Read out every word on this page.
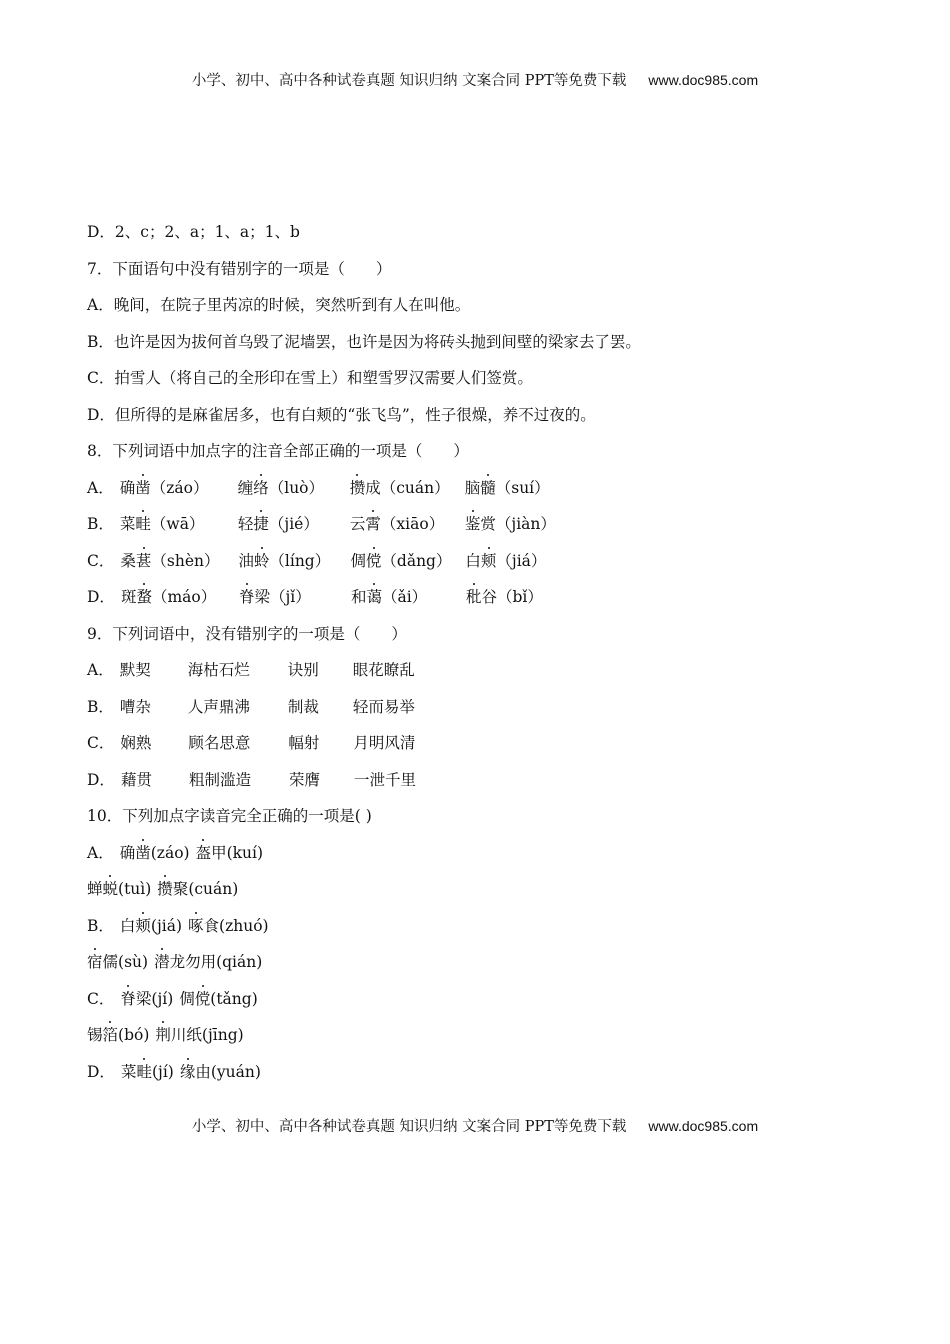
小学、初中、高中各种试卷真题 知识归纳 文案合同 PPT等免费下载 www.doc985.com
D．2、c；2、a；1、a；1、b
7．下面语句中没有错别字的一项是（　　）
A．晚间，在院子里芮凉的时候，突然听到有人在叫他。
B．也许是因为拔何首乌毁了泥墙罢，也许是因为将砖头抛到间壁的梁家去了罢。
C．拍雪人（将自己的全形印在雪上）和塑雪罗汉需要人们签赏。
D．但所得的是麻雀居多，也有白颊的“张飞鸟”，性子很燥，养不过夜的。
8．下列词语中加点字的注音全部正确的一项是（　　）
A． 确凿（záo） 缠络（luò） 攒成（cuán） 脑髓（suí）
B． 菜畦（wā） 轻捷（jié） 云霄（xiāo） 鉴赏（jiàn）
C． 桑葚（shèn） 油蛉（líng） 倜傥（dǎng） 白颊（jiá）
D． 斑蝥（máo） 脊梁（jǐ）	和蔼（ǎi）	秕谷（bǐ）
9．下列词语中，没有错别字的一项是（　　）
A． 默契 海枯石烂 诀别 眼花瞭乱
B． 嘈杂 人声鼎沸 制裁 轻而易举
C． 娴熟 顾名思意 幅射 月明风清
D． 藉贯 粗制滥造 荣膺 一泄千里
10．下列加点字读音完全正确的一项是( )
A． 确凿(záo) 盔甲(kuí)
蝉蜕(tuì) 攒聚(cuán)
B． 白颊(jiá) 啄食(zhuó)
宿儒(sù) 潜龙勿用(qián)
C． 脊梁(jí) 倜傥(tǎng)
锡箔(bó) 荆川纸(jīng)
D． 菜畦(jí) 缘由(yuán)
小学、初中、高中各种试卷真题 知识归纳 文案合同 PPT等免费下载 www.doc985.com
